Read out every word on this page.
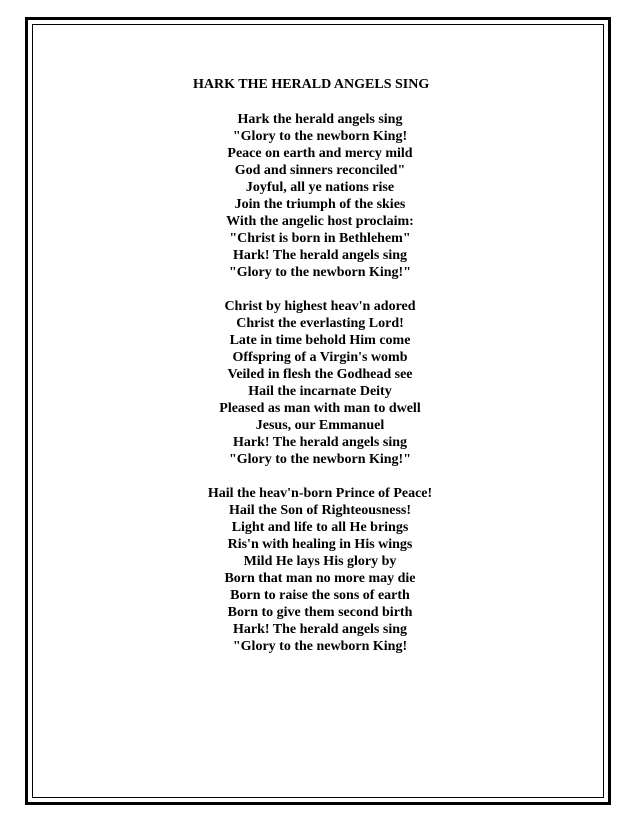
HARK THE HERALD ANGELS SING
Hark the herald angels sing
"Glory to the newborn King!
Peace on earth and mercy mild
God and sinners reconciled"
Joyful, all ye nations rise
Join the triumph of the skies
With the angelic host proclaim:
"Christ is born in Bethlehem"
Hark! The herald angels sing
"Glory to the newborn King!"
Christ by highest heav'n adored
Christ the everlasting Lord!
Late in time behold Him come
Offspring of a Virgin's womb
Veiled in flesh the Godhead see
Hail the incarnate Deity
Pleased as man with man to dwell
Jesus, our Emmanuel
Hark! The herald angels sing
"Glory to the newborn King!"
Hail the heav'n-born Prince of Peace!
Hail the Son of Righteousness!
Light and life to all He brings
Ris'n with healing in His wings
Mild He lays His glory by
Born that man no more may die
Born to raise the sons of earth
Born to give them second birth
Hark! The herald angels sing
"Glory to the newborn King!
